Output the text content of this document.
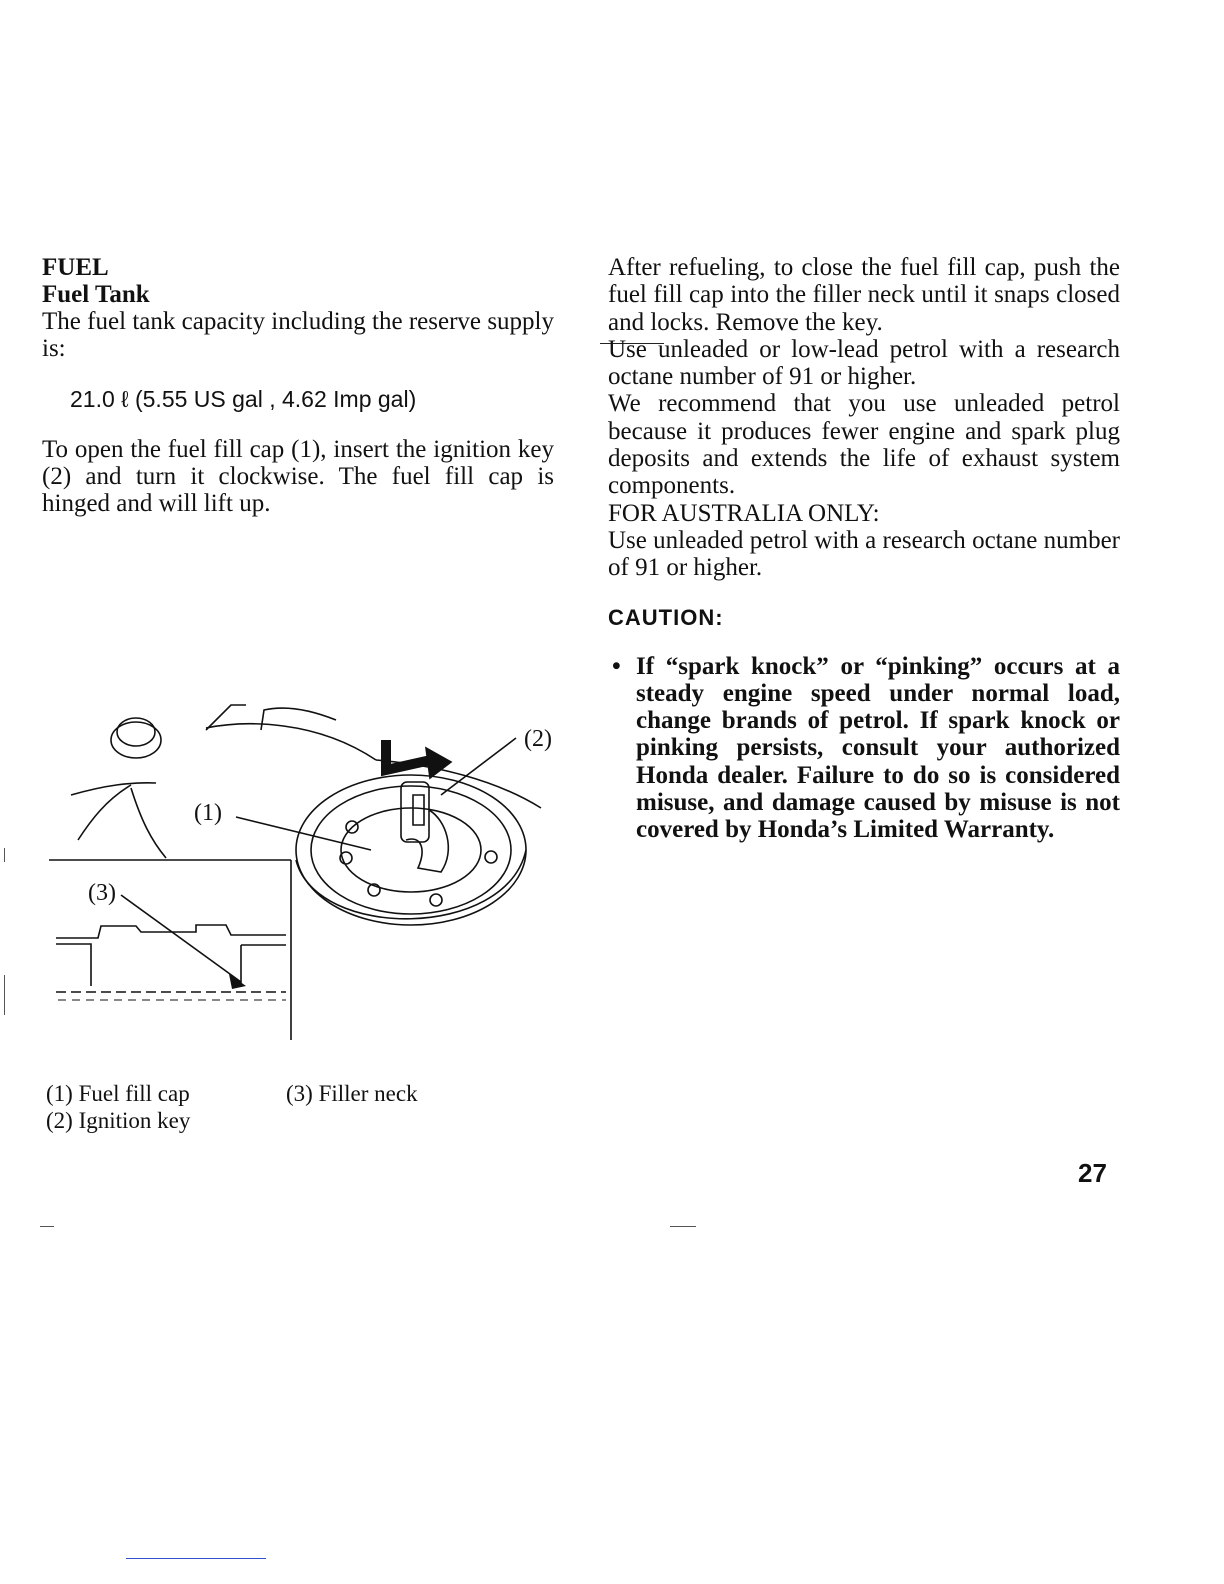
FUEL

Fuel Tank

The fuel tank capacity including the reserve supply is:

21.0 ℓ (5.55 US gal , 4.62 Imp gal)

To open the fuel fill cap (1), insert the ignition key (2) and turn it clockwise. The fuel fill cap is hinged and will lift up.

(1)
(2)
(3)
(1) Fuel fill cap
(2) Ignition key
(3) Filler neck

After refueling, to close the fuel fill cap, push the fuel fill cap into the filler neck until it snaps closed and locks. Remove the key.

Use unleaded or low-lead petrol with a research octane number of 91 or higher.

We recommend that you use unleaded petrol because it produces fewer engine and spark plug deposits and extends the life of exhaust system components.

FOR AUSTRALIA ONLY:

Use unleaded petrol with a research octane number of 91 or higher.

CAUTION:

• If “spark knock” or “pinking” occurs at a steady engine speed under normal load, change brands of petrol. If spark knock or pinking persists, consult your authorized Honda dealer. Failure to do so is considered misuse, and damage caused by misuse is not covered by Honda’s Limited Warranty.
27
